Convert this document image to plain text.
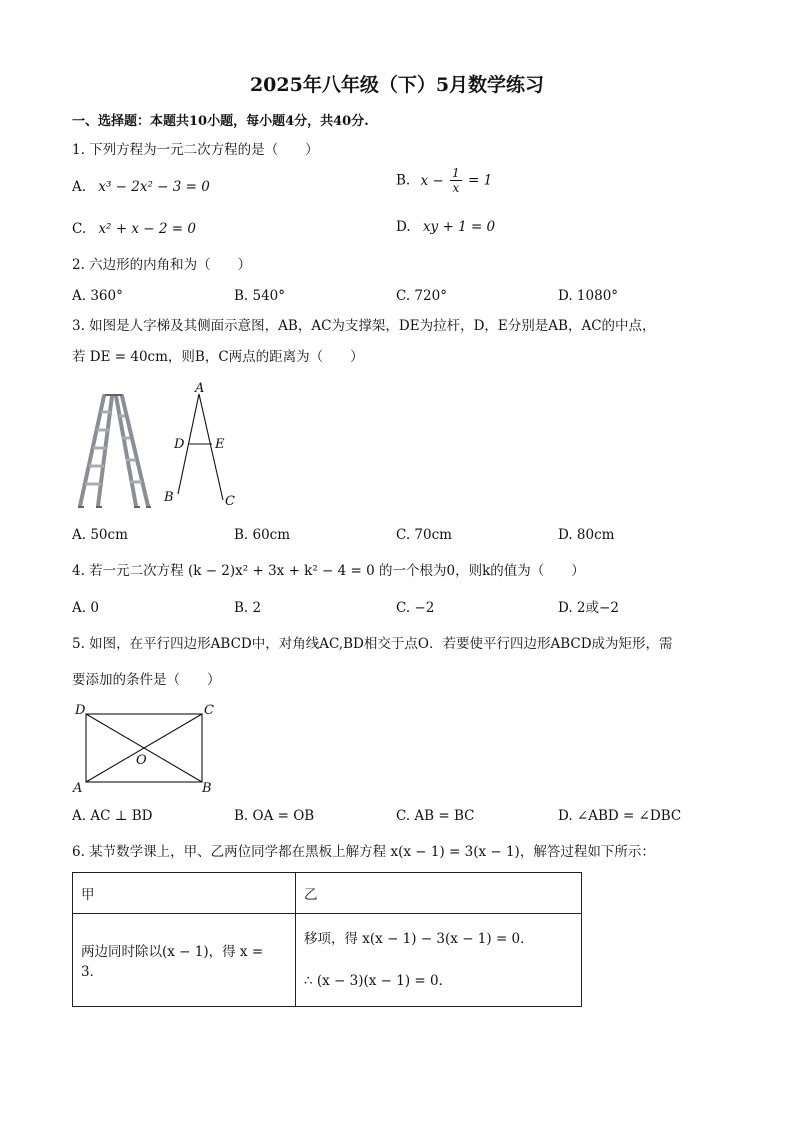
2025年八年级（下）5月数学练习
一、选择题：本题共10小题，每小题4分，共40分.
1. 下列方程为一元二次方程的是（　　）
A. x³ − 2x² − 3 = 0	B. $x - \frac{1}{x} = 1$
C. x² + x − 2 = 0	D. xy + 1 = 0
2. 六边形的内角和为（　　）
A. 360°	B. 540°	C. 720°	D. 1080°
3. 如图是人字梯及其侧面示意图，AB，AC为支撑架，DE为拉杆，D，E分别是AB，AC的中点，
若 DE = 40cm，则B，C两点的距离为（　　）
A
D E
B	C
A. 50cm	B. 60cm	C. 70cm	D. 80cm
4. 若一元二次方程 (k − 2)x² + 3x + k² − 4 = 0 的一个根为0，则k的值为（　　）
A. 0	B. 2	C. −2	D. 2或−2
5. 如图，在平行四边形ABCD中，对角线AC,BD相交于点O．若要使平行四边形ABCD成为矩形，需
要添加的条件是（　　）
D	C
A	B
O
A. AC ⊥ BD	B. OA = OB	C. AB = BC	D. ∠ABD = ∠DBC
6. 某节数学课上，甲、乙两位同学都在黑板上解方程 x(x − 1) = 3(x − 1)，解答过程如下所示：
甲	乙
两边同时除以(x − 1)，得 x = 3．	移项，得 x(x − 1) − 3(x − 1) = 0．
∴ (x − 3)(x − 1) = 0．
